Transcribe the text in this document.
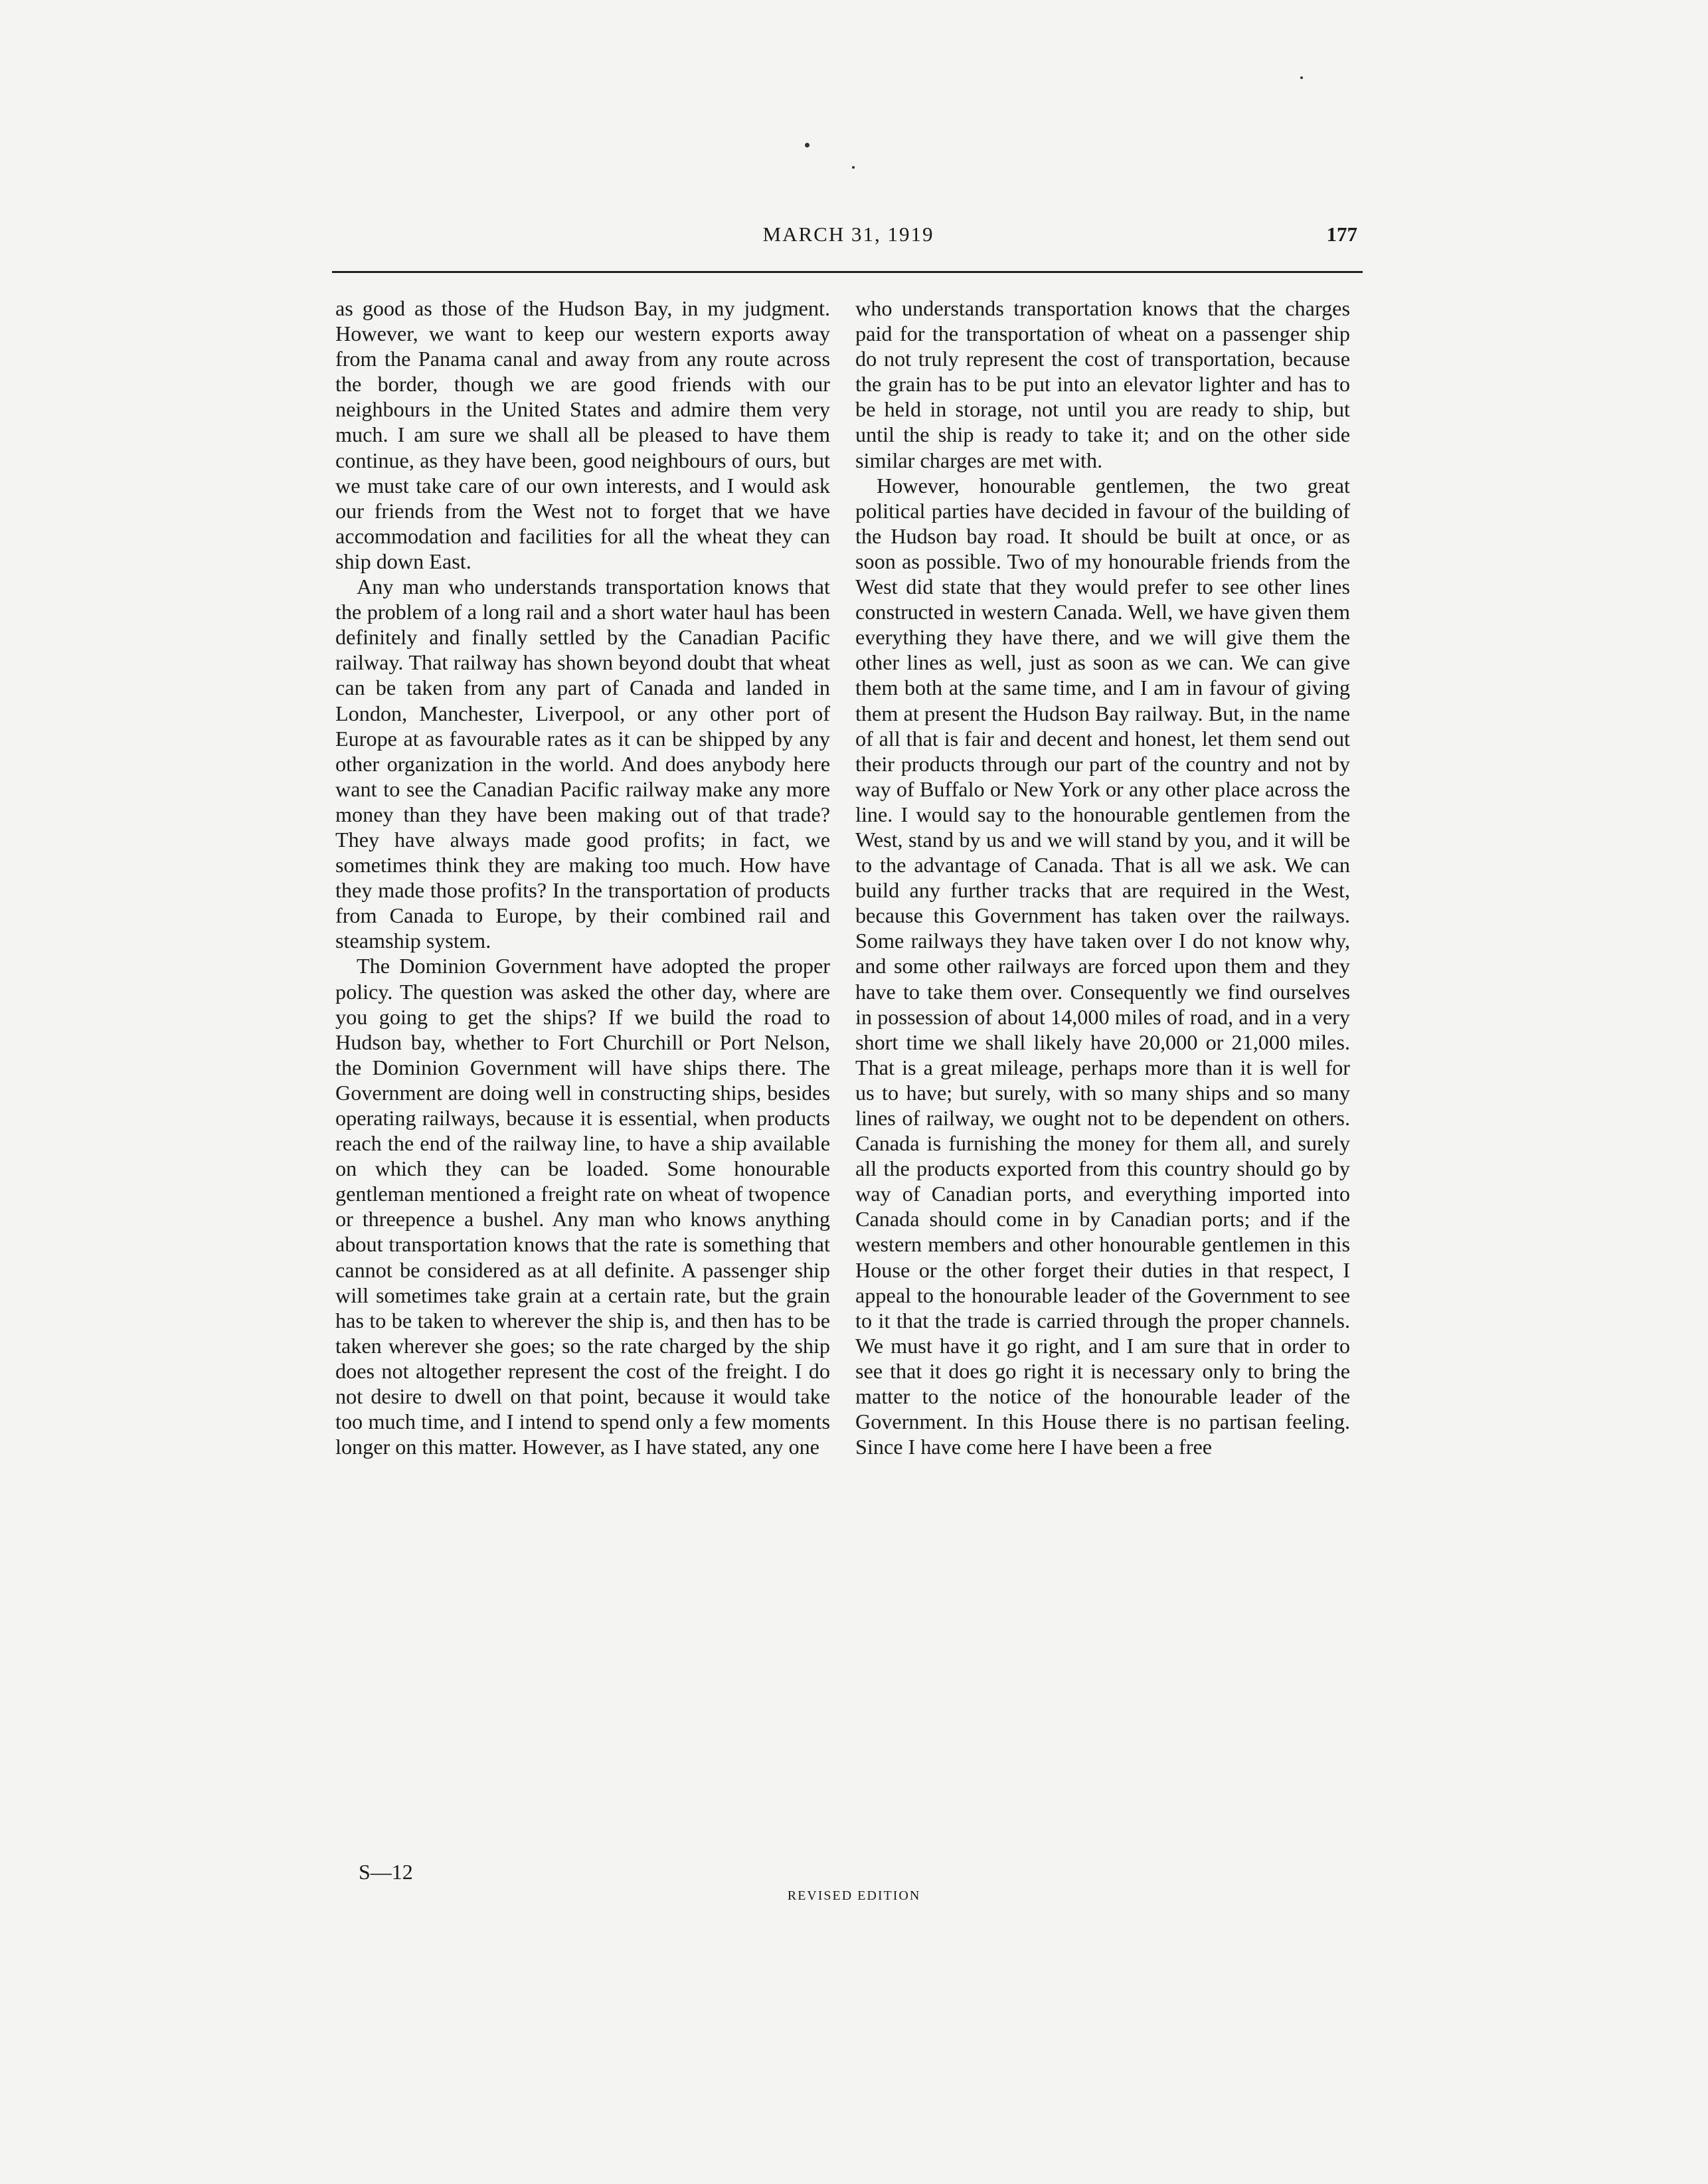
MARCH 31, 1919	177

as good as those of the Hudson Bay, in my judgment. However, we want to keep our western exports away from the Panama canal and away from any route across the border, though we are good friends with our neighbours in the United States and admire them very much. I am sure we shall all be pleased to have them continue, as they have been, good neighbours of ours, but we must take care of our own interests, and I would ask our friends from the West not to forget that we have accommodation and facilities for all the wheat they can ship down East.

Any man who understands transportation knows that the problem of a long rail and a short water haul has been definitely and finally settled by the Canadian Pacific railway. That railway has shown beyond doubt that wheat can be taken from any part of Canada and landed in London, Manchester, Liverpool, or any other port of Europe at as favourable rates as it can be shipped by any other organization in the world. And does anybody here want to see the Canadian Pacific railway make any more money than they have been making out of that trade? They have always made good profits; in fact, we sometimes think they are making too much. How have they made those profits? In the transportation of products from Canada to Europe, by their combined rail and steamship system.

The Dominion Government have adopted the proper policy. The question was asked the other day, where are you going to get the ships? If we build the road to Hudson bay, whether to Fort Churchill or Port Nelson, the Dominion Government will have ships there. The Government are doing well in constructing ships, besides operating railways, because it is essential, when products reach the end of the railway line, to have a ship available on which they can be loaded. Some honourable gentleman mentioned a freight rate on wheat of twopence or threepence a bushel. Any man who knows anything about transportation knows that the rate is something that cannot be considered as at all definite. A passenger ship will sometimes take grain at a certain rate, but the grain has to be taken to wherever the ship is, and then has to be taken wherever she goes; so the rate charged by the ship does not altogether represent the cost of the freight. I do not desire to dwell on that point, because it would take too much time, and I intend to spend only a few moments longer on this matter. However, as I have stated, any one

who understands transportation knows that the charges paid for the transportation of wheat on a passenger ship do not truly represent the cost of transportation, because the grain has to be put into an elevator lighter and has to be held in storage, not until you are ready to ship, but until the ship is ready to take it; and on the other side similar charges are met with.

However, honourable gentlemen, the two great political parties have decided in favour of the building of the Hudson bay road. It should be built at once, or as soon as possible. Two of my honourable friends from the West did state that they would prefer to see other lines constructed in western Canada. Well, we have given them everything they have there, and we will give them the other lines as well, just as soon as we can. We can give them both at the same time, and I am in favour of giving them at present the Hudson Bay railway. But, in the name of all that is fair and decent and honest, let them send out their products through our part of the country and not by way of Buffalo or New York or any other place across the line. I would say to the honourable gentlemen from the West, stand by us and we will stand by you, and it will be to the advantage of Canada. That is all we ask. We can build any further tracks that are required in the West, because this Government has taken over the railways. Some railways they have taken over I do not know why, and some other railways are forced upon them and they have to take them over. Consequently we find ourselves in possession of about 14,000 miles of road, and in a very short time we shall likely have 20,000 or 21,000 miles. That is a great mileage, perhaps more than it is well for us to have; but surely, with so many ships and so many lines of railway, we ought not to be dependent on others. Canada is furnishing the money for them all, and surely all the products exported from this country should go by way of Canadian ports, and everything imported into Canada should come in by Canadian ports; and if the western members and other honourable gentlemen in this House or the other forget their duties in that respect, I appeal to the honourable leader of the Government to see to it that the trade is carried through the proper channels. We must have it go right, and I am sure that in order to see that it does go right it is necessary only to bring the matter to the notice of the honourable leader of the Government. In this House there is no partisan feeling. Since I have come here I have been a free

S—12
REVISED EDITION
